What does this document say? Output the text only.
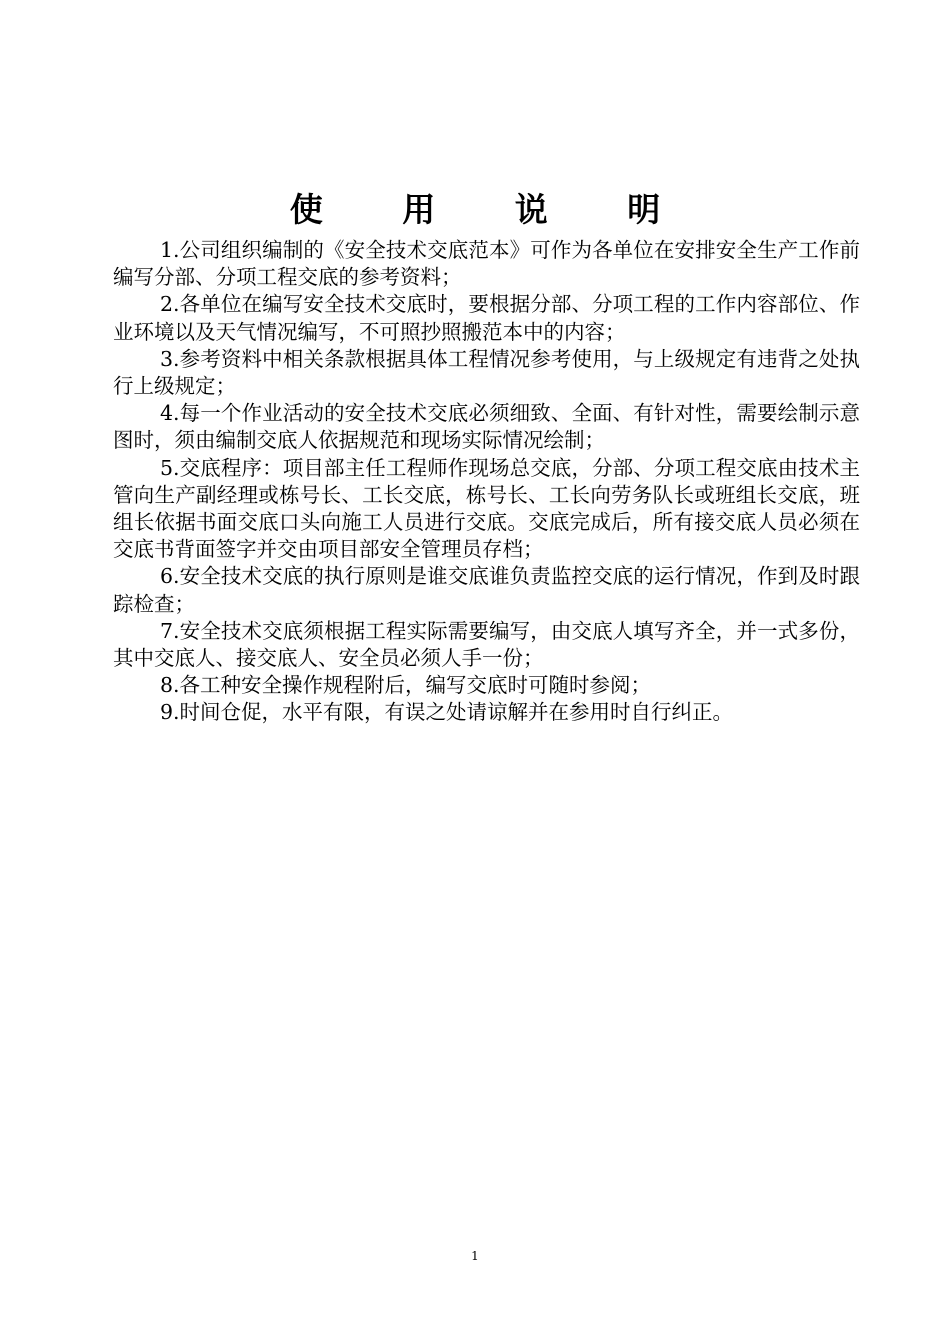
使 用 说 明

1.公司组织编制的《安全技术交底范本》可作为各单位在安排安全生产工作前编写分部、分项工程交底的参考资料；

2.各单位在编写安全技术交底时，要根据分部、分项工程的工作内容部位、作业环境以及天气情况编写，不可照抄照搬范本中的内容；

3.参考资料中相关条款根据具体工程情况参考使用，与上级规定有违背之处执行上级规定；

4.每一个作业活动的安全技术交底必须细致、全面、有针对性，需要绘制示意图时，须由编制交底人依据规范和现场实际情况绘制；

5.交底程序：项目部主任工程师作现场总交底，分部、分项工程交底由技术主管向生产副经理或栋号长、工长交底，栋号长、工长向劳务队长或班组长交底，班组长依据书面交底口头向施工人员进行交底。交底完成后，所有接交底人员必须在交底书背面签字并交由项目部安全管理员存档；

6.安全技术交底的执行原则是谁交底谁负责监控交底的运行情况，作到及时跟踪检查；

7.安全技术交底须根据工程实际需要编写，由交底人填写齐全，并一式多份，其中交底人、接交底人、安全员必须人手一份；

8.各工种安全操作规程附后，编写交底时可随时参阅；

9.时间仓促，水平有限，有误之处请谅解并在参用时自行纠正。

1
